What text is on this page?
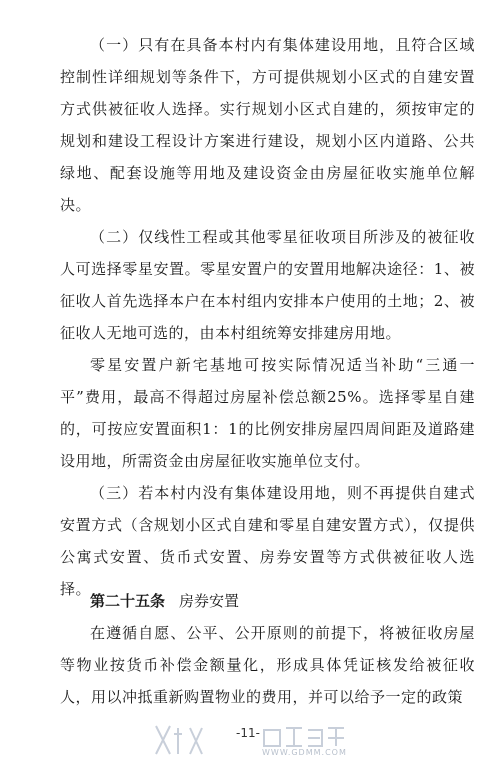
（一）只有在具备本村内有集体建设用地，且符合区域控制性详细规划等条件下，方可提供规划小区式的自建安置方式供被征收人选择。实行规划小区式自建的，须按审定的规划和建设工程设计方案进行建设，规划小区内道路、公共绿地、配套设施等用地及建设资金由房屋征收实施单位解决。

（二）仅线性工程或其他零星征收项目所涉及的被征收人可选择零星安置。零星安置户的安置用地解决途径：1、被征收人首先选择本户在本村组内安排本户使用的土地；2、被征收人无地可选的，由本村组统筹安排建房用地。

零星安置户新宅基地可按实际情况适当补助“三通一平”费用，最高不得超过房屋补偿总额25%。选择零星自建的，可按应安置面积1：1的比例安排房屋四周间距及道路建设用地，所需资金由房屋征收实施单位支付。

（三）若本村内没有集体建设用地，则不再提供自建式安置方式（含规划小区式自建和零星自建安置方式），仅提供公寓式安置、货币式安置、房券安置等方式供被征收人选择。

第二十五条 房券安置

在遵循自愿、公平、公开原则的前提下，将被征收房屋等物业按货币补偿金额量化，形成具体凭证核发给被征收人，用以冲抵重新购置物业的费用，并可以给予一定的政策

-11-
WWW.GDMM.COM
